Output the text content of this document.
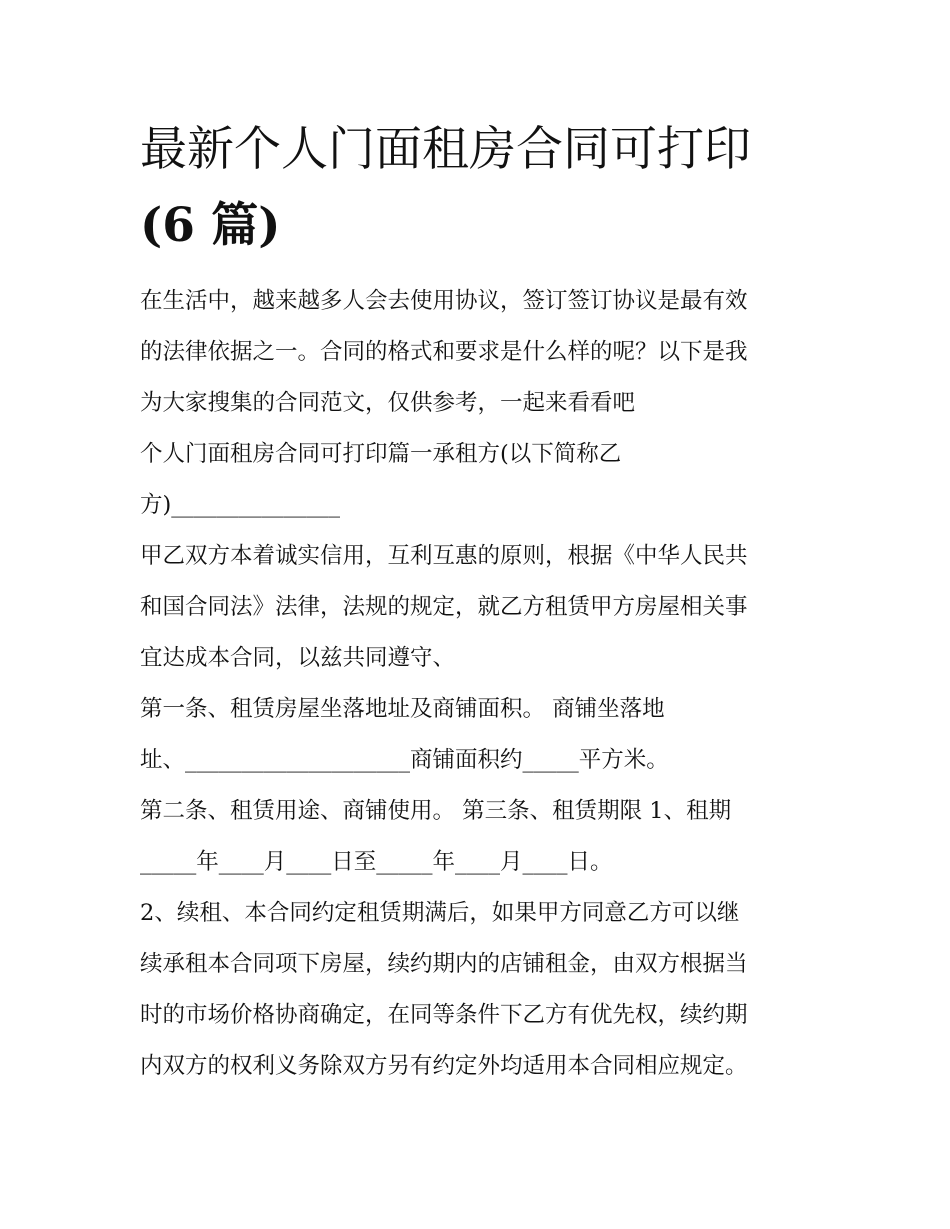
最新个人门面租房合同可打印
(6 篇)
在生活中，越来越多人会去使用协议，签订签订协议是最有效
的法律依据之一。合同的格式和要求是什么样的呢？以下是我
为大家搜集的合同范文，仅供参考，一起来看看吧
个人门面租房合同可打印篇一承租方(以下简称乙
方)_______________
甲乙双方本着诚实信用，互利互惠的原则，根据《中华人民共
和国合同法》法律，法规的规定，就乙方租赁甲方房屋相关事
宜达成本合同，以兹共同遵守、
第一条、租赁房屋坐落地址及商铺面积。 商铺坐落地
址、____________________商铺面积约_____平方米。
第二条、租赁用途、商铺使用。 第三条、租赁期限 1、租期
_____年____月____日至_____年____月____日。
2、续租、本合同约定租赁期满后，如果甲方同意乙方可以继
续承租本合同项下房屋，续约期内的店铺租金，由双方根据当
时的市场价格协商确定，在同等条件下乙方有优先权，续约期
内双方的权利义务除双方另有约定外均适用本合同相应规定。
